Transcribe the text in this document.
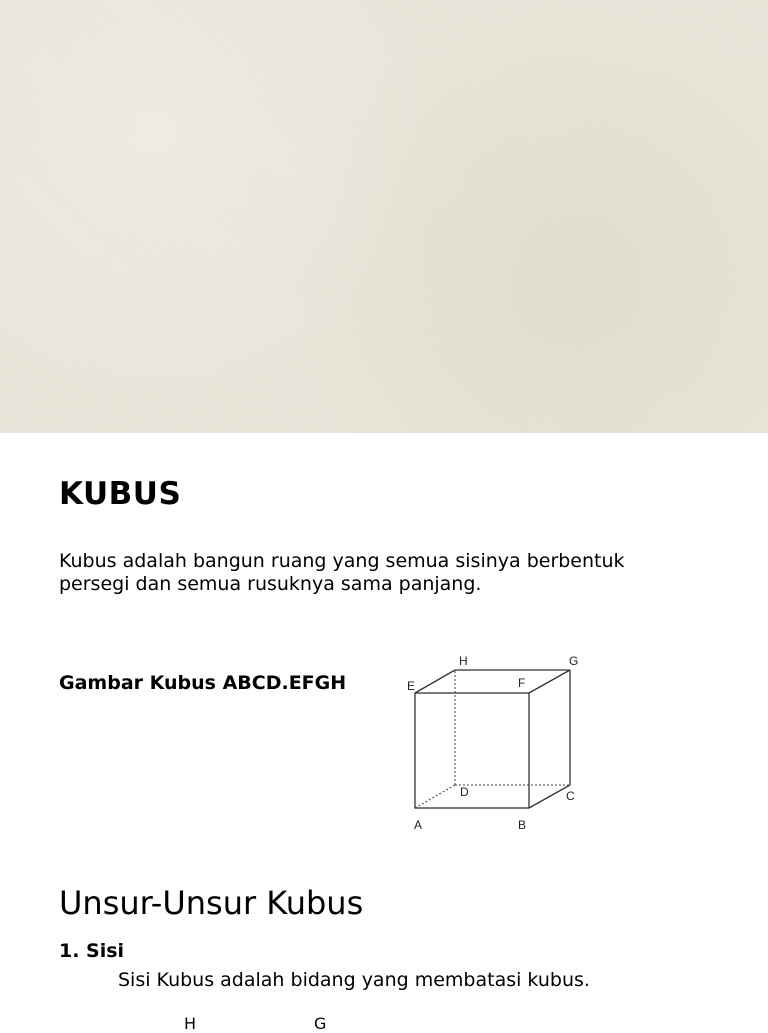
KUBUS
Kubus adalah bangun ruang yang semua sisinya berbentuk
persegi dan semua rusuknya sama panjang.
Gambar Kubus ABCD.EFGH
H	G
E	F
D	C
A	B
Unsur-Unsur Kubus
1. Sisi
Sisi Kubus adalah bidang yang membatasi kubus.
H	G
